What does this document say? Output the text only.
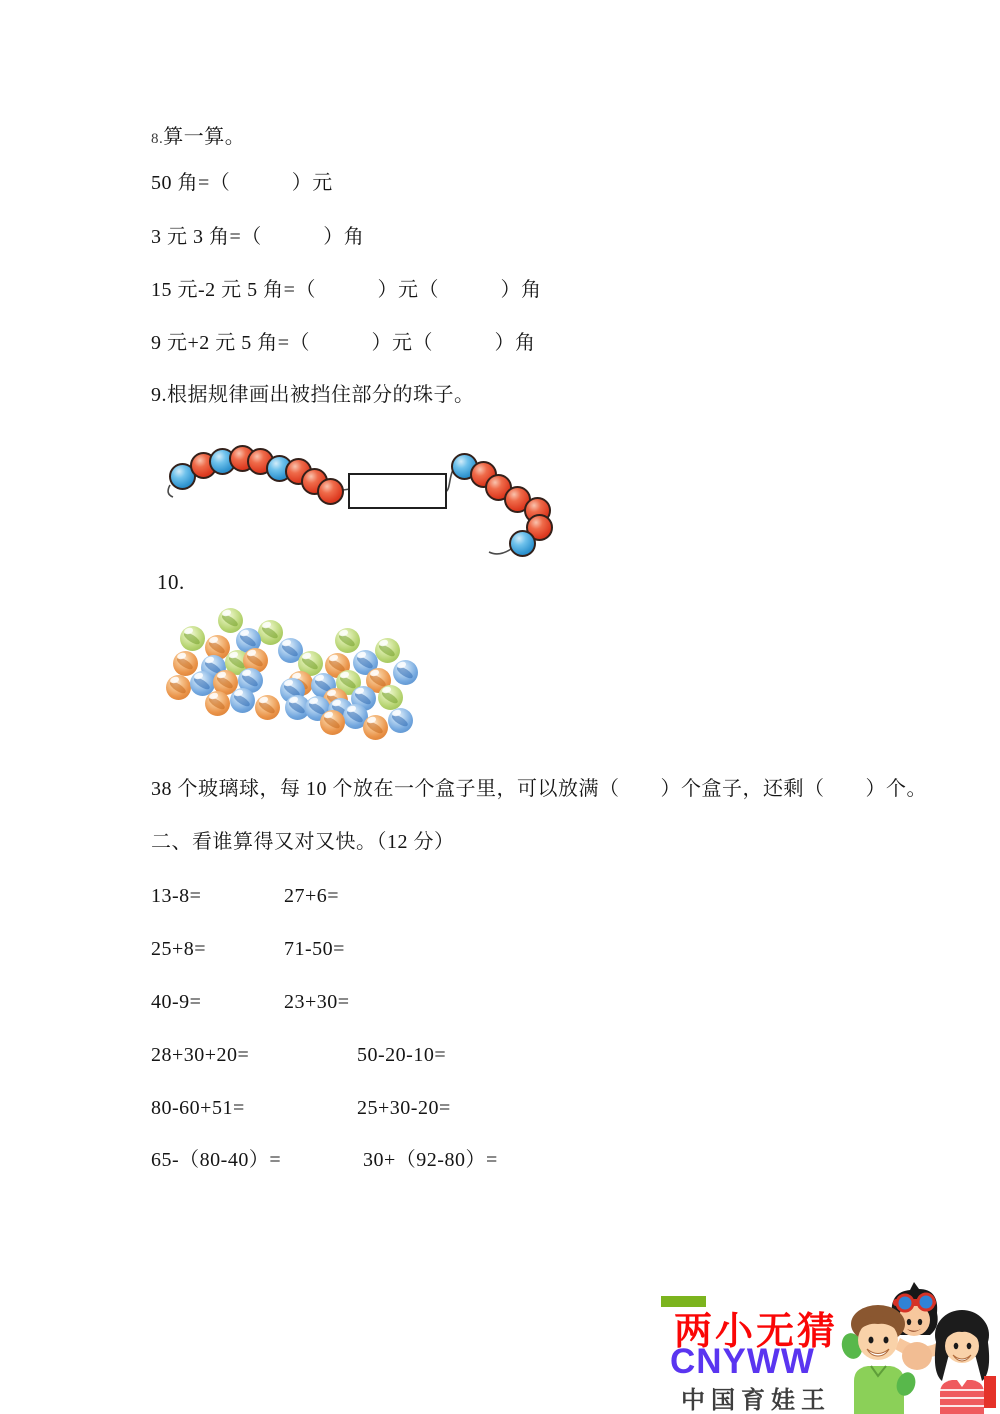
8.算一算。
50 角=（　　　）元
3 元 3 角=（　　　）角
15 元-2 元 5 角=（　　　）元（　　　）角
9 元+2 元 5 角=（　　　）元（　　　）角
9.根据规律画出被挡住部分的珠子。
10.
38 个玻璃球，每 10 个放在一个盒子里，可以放满（　　）个盒子，还剩（　　）个。
二、看谁算得又对又快。（12 分）
13-8=	27+6=
25+8=	71-50=
40-9=	23+30=
28+30+20=	50-20-10=
80-60+51=	25+30-20=
65-（80-40）=	30+（92-80）=
两小无猜
CNYWW
中国育娃王
